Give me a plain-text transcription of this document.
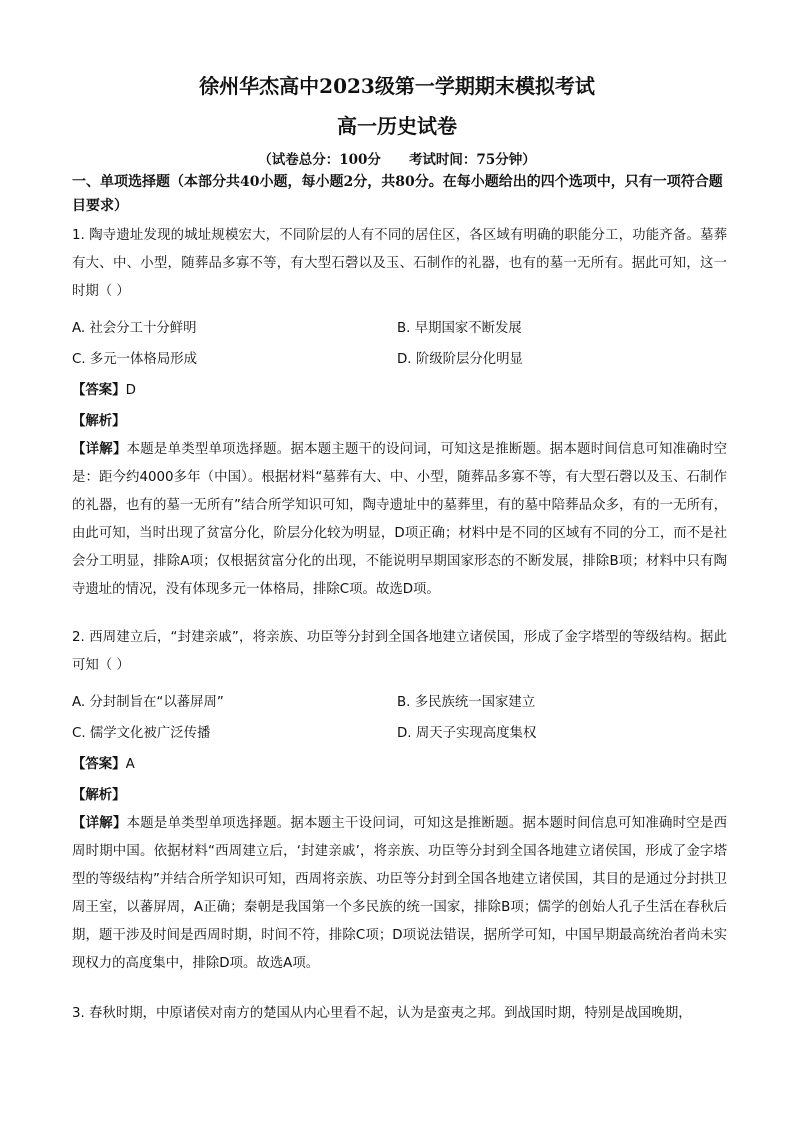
徐州华杰高中2023级第一学期期末模拟考试
高一历史试卷
（试卷总分：100分 考试时间：75分钟）
一、单项选择题（本部分共40小题，每小题2分，共80分。在每小题给出的四个选项中，只有一项符合题目要求）
1. 陶寺遗址发现的城址规模宏大，不同阶层的人有不同的居住区，各区域有明确的职能分工，功能齐备。墓葬有大、中、小型，随葬品多寡不等，有大型石磬以及玉、石制作的礼器，也有的墓一无所有。据此可知，这一时期（ ）
A. 社会分工十分鲜明	B. 早期国家不断发展
C. 多元一体格局形成	D. 阶级阶层分化明显
【答案】D
【解析】
【详解】本题是单类型单项选择题。据本题主题干的设问词，可知这是推断题。据本题时间信息可知准确时空是：距今约4000多年（中国）。根据材料“墓葬有大、中、小型，随葬品多寡不等，有大型石磬以及玉、石制作的礼器，也有的墓一无所有”结合所学知识可知，陶寺遗址中的墓葬里，有的墓中陪葬品众多，有的一无所有，由此可知，当时出现了贫富分化，阶层分化较为明显，D项正确；材料中是不同的区域有不同的分工，而不是社会分工明显，排除A项；仅根据贫富分化的出现，不能说明早期国家形态的不断发展，排除B项；材料中只有陶寺遗址的情况，没有体现多元一体格局，排除C项。故选D项。
2. 西周建立后，“封建亲戚”，将亲族、功臣等分封到全国各地建立诸侯国，形成了金字塔型的等级结构。据此可知（ ）
A. 分封制旨在“以蕃屏周”	B. 多民族统一国家建立
C. 儒学文化被广泛传播	D. 周天子实现高度集权
【答案】A
【解析】
【详解】本题是单类型单项选择题。据本题主干设问词，可知这是推断题。据本题时间信息可知准确时空是西周时期中国。依据材料“西周建立后，‘封建亲戚’，将亲族、功臣等分封到全国各地建立诸侯国，形成了金字塔型的等级结构”并结合所学知识可知，西周将亲族、功臣等分封到全国各地建立诸侯国，其目的是通过分封拱卫周王室，以蕃屏周，A正确；秦朝是我国第一个多民族的统一国家，排除B项；儒学的创始人孔子生活在春秋后期，题干涉及时间是西周时期，时间不符，排除C项；D项说法错误，据所学可知，中国早期最高统治者尚未实现权力的高度集中，排除D项。故选A项。
3. 春秋时期，中原诸侯对南方的楚国从内心里看不起，认为是蛮夷之邦。到战国时期，特别是战国晚期，
